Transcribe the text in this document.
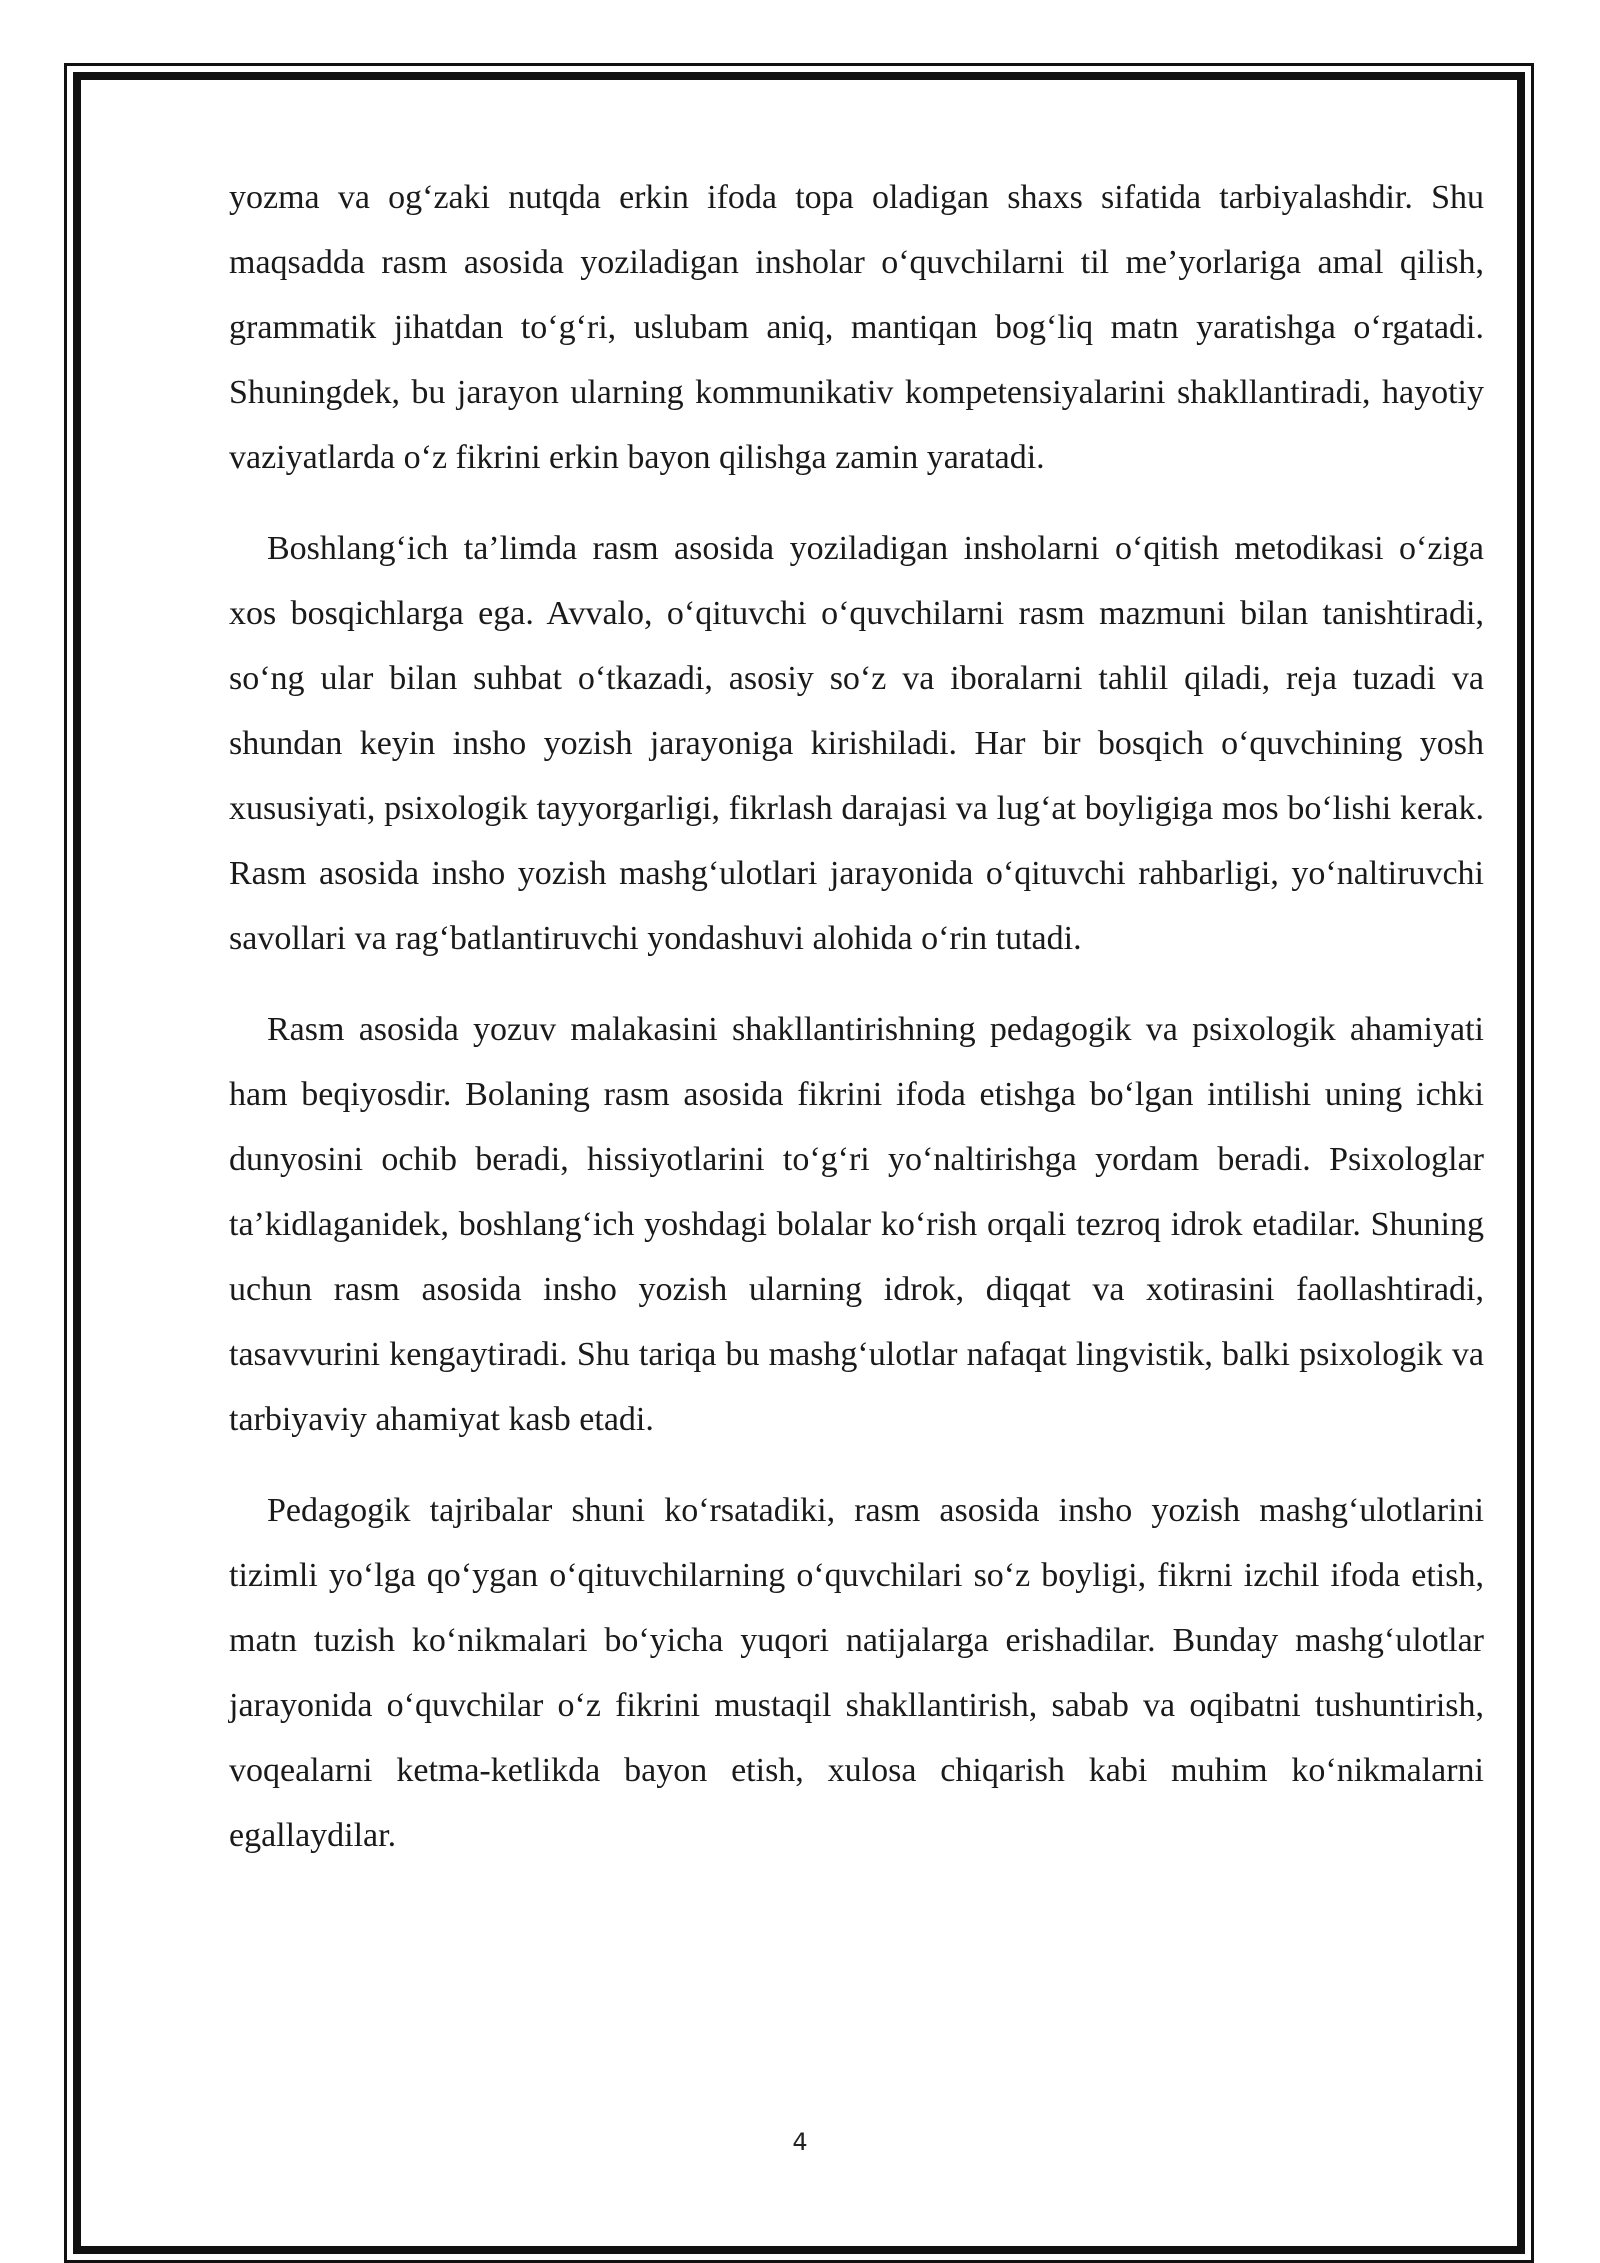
yozma va og‘zaki nutqda erkin ifoda topa oladigan shaxs sifatida tarbiyalashdir. Shu maqsadda rasm asosida yoziladigan insholar o‘quvchilarni til me’yorlariga amal qilish, grammatik jihatdan to‘g‘ri, uslubam aniq, mantiqan bog‘liq matn yaratishga o‘rgatadi. Shuningdek, bu jarayon ularning kommunikativ kompetensiyalarini shakllantiradi, hayotiy vaziyatlarda o‘z fikrini erkin bayon qilishga zamin yaratadi.

Boshlang‘ich ta’limda rasm asosida yoziladigan insholarni o‘qitish metodikasi o‘ziga xos bosqichlarga ega. Avvalo, o‘qituvchi o‘quvchilarni rasm mazmuni bilan tanishtiradi, so‘ng ular bilan suhbat o‘tkazadi, asosiy so‘z va iboralarni tahlil qiladi, reja tuzadi va shundan keyin insho yozish jarayoniga kirishiladi. Har bir bosqich o‘quvchining yosh xususiyati, psixologik tayyorgarligi, fikrlash darajasi va lug‘at boyligiga mos bo‘lishi kerak. Rasm asosida insho yozish mashg‘ulotlari jarayonida o‘qituvchi rahbarligi, yo‘naltiruvchi savollari va rag‘batlantiruvchi yondashuvi alohida o‘rin tutadi.

Rasm asosida yozuv malakasini shakllantirishning pedagogik va psixologik ahamiyati ham beqiyosdir. Bolaning rasm asosida fikrini ifoda etishga bo‘lgan intilishi uning ichki dunyosini ochib beradi, hissiyotlarini to‘g‘ri yo‘naltirishga yordam beradi. Psixologlar ta’kidlaganidek, boshlang‘ich yoshdagi bolalar ko‘rish orqali tezroq idrok etadilar. Shuning uchun rasm asosida insho yozish ularning idrok, diqqat va xotirasini faollashtiradi, tasavvurini kengaytiradi. Shu tariqa bu mashg‘ulotlar nafaqat lingvistik, balki psixologik va tarbiyaviy ahamiyat kasb etadi.

Pedagogik tajribalar shuni ko‘rsatadiki, rasm asosida insho yozish mashg‘ulotlarini tizimli yo‘lga qo‘ygan o‘qituvchilarning o‘quvchilari so‘z boyligi, fikrni izchil ifoda etish, matn tuzish ko‘nikmalari bo‘yicha yuqori natijalarga erishadilar. Bunday mashg‘ulotlar jarayonida o‘quvchilar o‘z fikrini mustaqil shakllantirish, sabab va oqibatni tushuntirish, voqealarni ketma-ketlikda bayon etish, xulosa chiqarish kabi muhim ko‘nikmalarni egallaydilar.

4
